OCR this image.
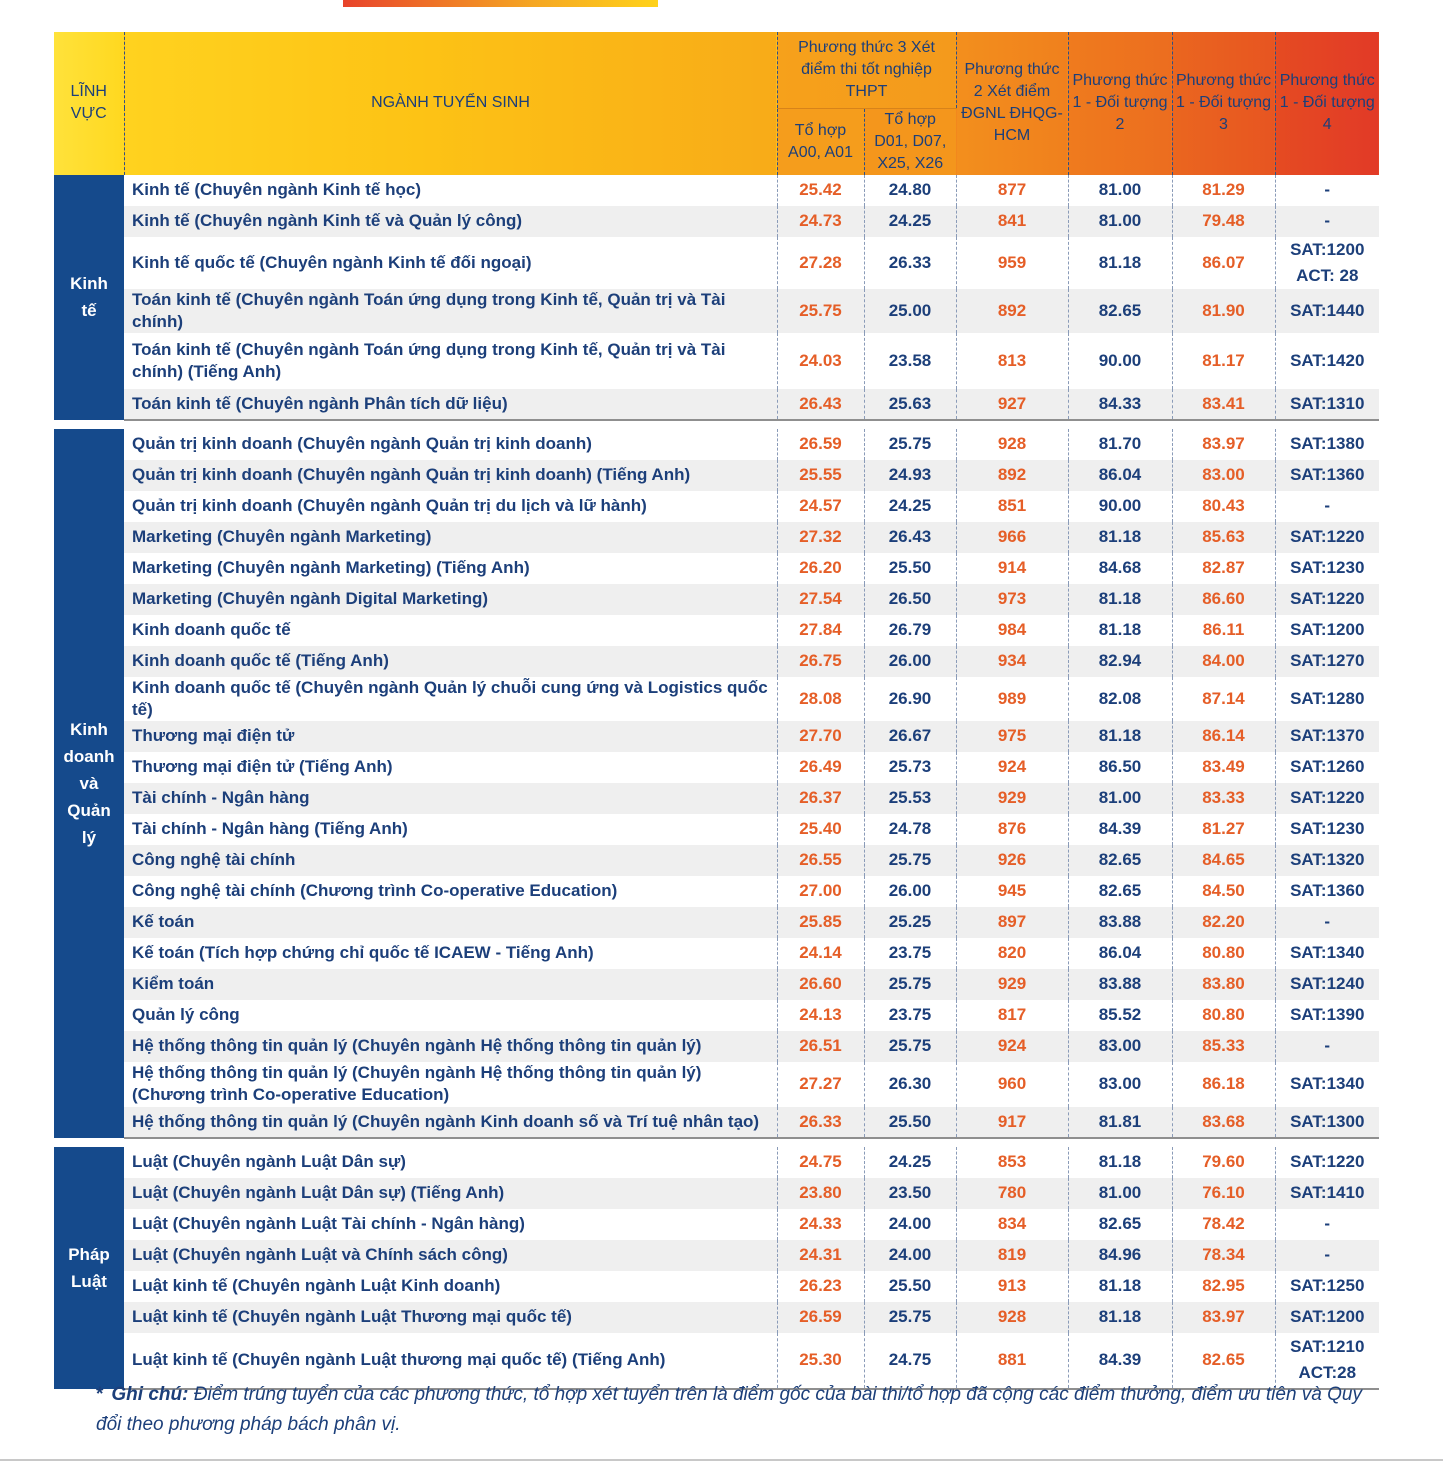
LĨNH VỰC	NGÀNH TUYỂN SINH	Phương thức 3 Xét điểm thi tốt nghiệp THPT		Phương thức 2 Xét điểm ĐGNL ĐHQG-HCM	Phương thức 1 - Đối tượng 2	Phương thức 1 - Đối tượng 3	Phương thức 1 - Đối tượng 4
		Tổ hợp A00, A01	Tổ hợp D01, D07, X25, X26				
Kinh tế	Kinh tế (Chuyên ngành Kinh tế học)	25.42	24.80	877	81.00	81.29	-
	Kinh tế (Chuyên ngành Kinh tế và Quản lý công)	24.73	24.25	841	81.00	79.48	-
	Kinh tế quốc tế (Chuyên ngành Kinh tế đối ngoại)	27.28	26.33	959	81.18	86.07	SAT:1200 ACT: 28
	Toán kinh tế (Chuyên ngành Toán ứng dụng trong Kinh tế, Quản trị và Tài chính)	25.75	25.00	892	82.65	81.90	SAT:1440
	Toán kinh tế (Chuyên ngành Toán ứng dụng trong Kinh tế, Quản trị và Tài chính) (Tiếng Anh)	24.03	23.58	813	90.00	81.17	SAT:1420
	Toán kinh tế (Chuyên ngành Phân tích dữ liệu)	26.43	25.63	927	84.33	83.41	SAT:1310

Kinh doanh và Quản lý	Quản trị kinh doanh (Chuyên ngành Quản trị kinh doanh)	26.59	25.75	928	81.70	83.97	SAT:1380
	Quản trị kinh doanh (Chuyên ngành Quản trị kinh doanh) (Tiếng Anh)	25.55	24.93	892	86.04	83.00	SAT:1360
	Quản trị kinh doanh (Chuyên ngành Quản trị du lịch và lữ hành)	24.57	24.25	851	90.00	80.43	-
	Marketing (Chuyên ngành Marketing)	27.32	26.43	966	81.18	85.63	SAT:1220
	Marketing (Chuyên ngành Marketing) (Tiếng Anh)	26.20	25.50	914	84.68	82.87	SAT:1230
	Marketing (Chuyên ngành Digital Marketing)	27.54	26.50	973	81.18	86.60	SAT:1220
	Kinh doanh quốc tế	27.84	26.79	984	81.18	86.11	SAT:1200
	Kinh doanh quốc tế (Tiếng Anh)	26.75	26.00	934	82.94	84.00	SAT:1270
	Kinh doanh quốc tế (Chuyên ngành Quản lý chuỗi cung ứng và Logistics quốc tế)	28.08	26.90	989	82.08	87.14	SAT:1280
	Thương mại điện tử	27.70	26.67	975	81.18	86.14	SAT:1370
	Thương mại điện tử (Tiếng Anh)	26.49	25.73	924	86.50	83.49	SAT:1260
	Tài chính - Ngân hàng	26.37	25.53	929	81.00	83.33	SAT:1220
	Tài chính - Ngân hàng (Tiếng Anh)	25.40	24.78	876	84.39	81.27	SAT:1230
	Công nghệ tài chính	26.55	25.75	926	82.65	84.65	SAT:1320
	Công nghệ tài chính (Chương trình Co-operative Education)	27.00	26.00	945	82.65	84.50	SAT:1360
	Kế toán	25.85	25.25	897	83.88	82.20	-
	Kế toán (Tích hợp chứng chỉ quốc tế ICAEW - Tiếng Anh)	24.14	23.75	820	86.04	80.80	SAT:1340
	Kiểm toán	26.60	25.75	929	83.88	83.80	SAT:1240
	Quản lý công	24.13	23.75	817	85.52	80.80	SAT:1390
	Hệ thống thông tin quản lý (Chuyên ngành Hệ thống thông tin quản lý)	26.51	25.75	924	83.00	85.33	-
	Hệ thống thông tin quản lý (Chuyên ngành Hệ thống thông tin quản lý) (Chương trình Co-operative Education)	27.27	26.30	960	83.00	86.18	SAT:1340
	Hệ thống thông tin quản lý (Chuyên ngành Kinh doanh số và Trí tuệ nhân tạo)	26.33	25.50	917	81.81	83.68	SAT:1300

Pháp Luật	Luật (Chuyên ngành Luật Dân sự)	24.75	24.25	853	81.18	79.60	SAT:1220
	Luật (Chuyên ngành Luật Dân sự) (Tiếng Anh)	23.80	23.50	780	81.00	76.10	SAT:1410
	Luật (Chuyên ngành Luật Tài chính - Ngân hàng)	24.33	24.00	834	82.65	78.42	-
	Luật (Chuyên ngành Luật và Chính sách công)	24.31	24.00	819	84.96	78.34	-
	Luật kinh tế (Chuyên ngành Luật Kinh doanh)	26.23	25.50	913	81.18	82.95	SAT:1250
	Luật kinh tế (Chuyên ngành Luật Thương mại quốc tế)	26.59	25.75	928	81.18	83.97	SAT:1200
	Luật kinh tế (Chuyên ngành Luật thương mại quốc tế) (Tiếng Anh)	25.30	24.75	881	84.39	82.65	SAT:1210 ACT:28
* Ghi chú: Điểm trúng tuyển của các phương thức, tổ hợp xét tuyển trên là điểm gốc của bài thi/tổ hợp đã cộng các điểm thưởng, điểm ưu tiên và Quy đổi theo phương pháp bách phân vị.
